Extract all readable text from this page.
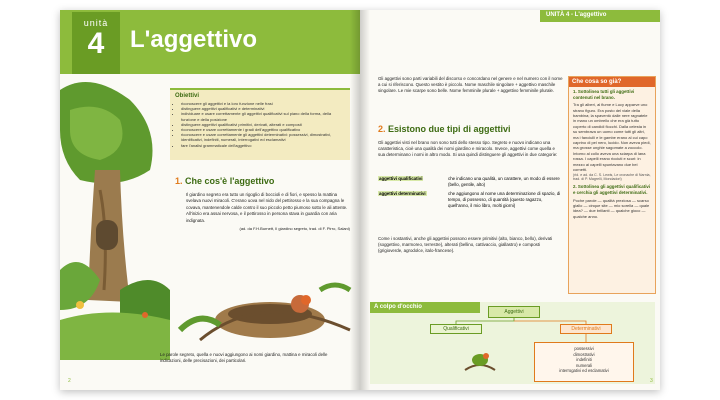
unità
4	L'aggettivo
Obiettivi
• riconoscere gli aggettivi e la loro funzione nelle frasi
• distinguere aggettivi qualificativi e determinativi
• individuare e usare correttamente gli aggettivi qualificativi sul piano della forma, della funzione e della posizione
• distinguere aggettivi qualificativi primitivi, derivati, alterati e composti
• riconoscere e usare correttamente i gradi dell'aggettivo qualificativo
• riconoscere e usare correttamente gli aggettivi determinativi: possessivi, dimostrativi, identificativi, indefiniti, numerali, interrogativi ed esclamativi
• fare l'analisi grammaticale dell'aggettivo
1. Che cos'è l'aggettivo
Il giardino segreto era tutto un rigoglio di boccioli e di fiori, e spesso la mattina svelava nuovi miracoli. C'erano uova nel nido del pettirosso e la sua compagna le covava, mantenendole calde contro il suo piccolo petto piumoso sotto le ali attente. All'inizio era assai nervosa, e il pettirosso in persona stava in guardia con aria indignata.
(ad. da F.H.Burnett, Il giardino segreto, trad. di F. Pirro, Salani)
Le parole segreto, quella e nuovi aggiungono ai nomi giardino, mattina e miracoli delle indicazioni, delle precisazioni, dei particolari.
2
UNITÀ 4 - L'aggettivo
Gli aggettivi sono parti variabili del discorso e concordano nel genere e nel numero con il nome a cui si riferiscono. Questo vestito è piccolo. Nome maschile singolare + aggettivo maschile singolare. Le mie scarpe sono belle. Nome femminile plurale + aggettivo femminile plurale.
2. Esistono due tipi di aggettivi
Gli aggettivi visti nel brano non sono tutti dello stesso tipo. Segreto e nuovo indicano una caratteristica, cioè una qualità dei nomi giardino e miracolo. Invece, aggettivi come quella e sua determinano i nomi in altro modo. Si usa quindi distinguere gli aggettivi in due categorie:
aggettivi qualificativi	che indicano una qualità, un carattere, un modo di essere (bello, gentile, alto)
aggettivi determinativi	che aggiungono al nome una determinazione di spazio, di tempo, di possesso, di quantità (questo ragazzo, quell'anno, il mio libro, molti giorni)
Come i sostantivi, anche gli aggettivi possono essere primitivi (alto, bianco, bello), derivati (soggettivo, marmoreo, terrestre), alterati (bellino, cattivaccio, giallastro) e composti (grigioverde, agrodolce, italo-francese).
Che cosa so già?
1. Sottolinea tutti gli aggettivi contenuti nel brano.
Tra gli alberi, al fiume e Lucy apparve uno strano figuro. Era posto del viale della bambina; la spaventò dalle nere ragnatele in mano un ombrello che era già tutto coperto di candidi fiocchi. Dalla celesta in su sembrava un uomo come tutti gli altri, ma i fanciulli e le gambe erano al cui capo caprino di pel nero, lucido. Non aveva piedi, ma grosse unghie sagomate a zoccolo. Intorno al collo aveva una sciarpa di lana rossa. I capelli erano ricciuti e scuri: in mezzo ai capelli spuntavano due bei cornetti.
(rid. e ad. da C. S. Lewis, Le cronache di Narnia, trad. di P. Magrelli, Mondadori)
2. Sottolinea gli aggettivi qualificativi e cerchia gli aggettivi determinativi.
Poche parole — qualità preziosa — scarso giallo — cinque site — mio sorella — quale idea? — due brillanti — qualche gioco — qualche anno.
A colpo d'occhio
Aggettivi
Qualificativi	Determinativi
possessivi
dimostrativi
indefiniti
numerali
interrogativi ed esclamativi
3
